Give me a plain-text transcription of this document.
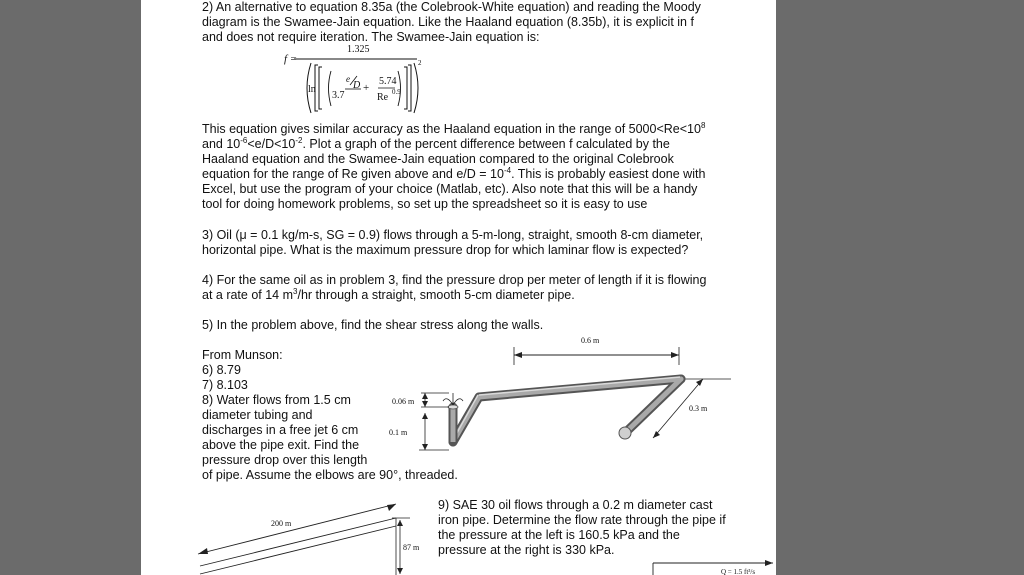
2) An alternative to equation 8.35a (the Colebrook-White equation) and reading the Moody
diagram is the Swamee-Jain equation. Like the Haaland equation (8.35b), it is explicit in f
and does not require iteration. The Swamee-Jain equation is:
f =
1.325
ln
e
D
3.7
+
5.74
Re 0.9
2
This equation gives similar accuracy as the Haaland equation in the range of $5000<Re<10^8$
and $10^{-6}<e/D<10^{-2}$. Plot a graph of the percent difference between f calculated by the
Haaland equation and the Swamee-Jain equation compared to the original Colebrook
equation for the range of Re given above and $e/D = 10^{-4}$. This is probably easiest done with
Excel, but use the program of your choice (Matlab, etc). Also note that this will be a handy
tool for doing homework problems, so set up the spreadsheet so it is easy to use
3) Oil (μ = 0.1 kg/m-s, SG = 0.9) flows through a 5-m-long, straight, smooth 8-cm diameter,
horizontal pipe. What is the maximum pressure drop for which laminar flow is expected?
4) For the same oil as in problem 3, find the pressure drop per meter of length if it is flowing
at a rate of 14 $m^3/hr$ through a straight, smooth 5-cm diameter pipe.
5) In the problem above, find the shear stress along the walls.
From Munson:
6) 8.79
7) 8.103
8) Water flows from 1.5 cm
diameter tubing and
discharges in a free jet 6 cm
above the pipe exit. Find the
pressure drop over this length
of pipe. Assume the elbows are 90°, threaded.
0.6 m
0.06 m
0.1 m
0.3 m
200 m
87 m
Q = 1.5 ft³/s
9) SAE 30 oil flows through a 0.2 m diameter cast
iron pipe. Determine the flow rate through the pipe if
the pressure at the left is 160.5 kPa and the
pressure at the right is 330 kPa.
